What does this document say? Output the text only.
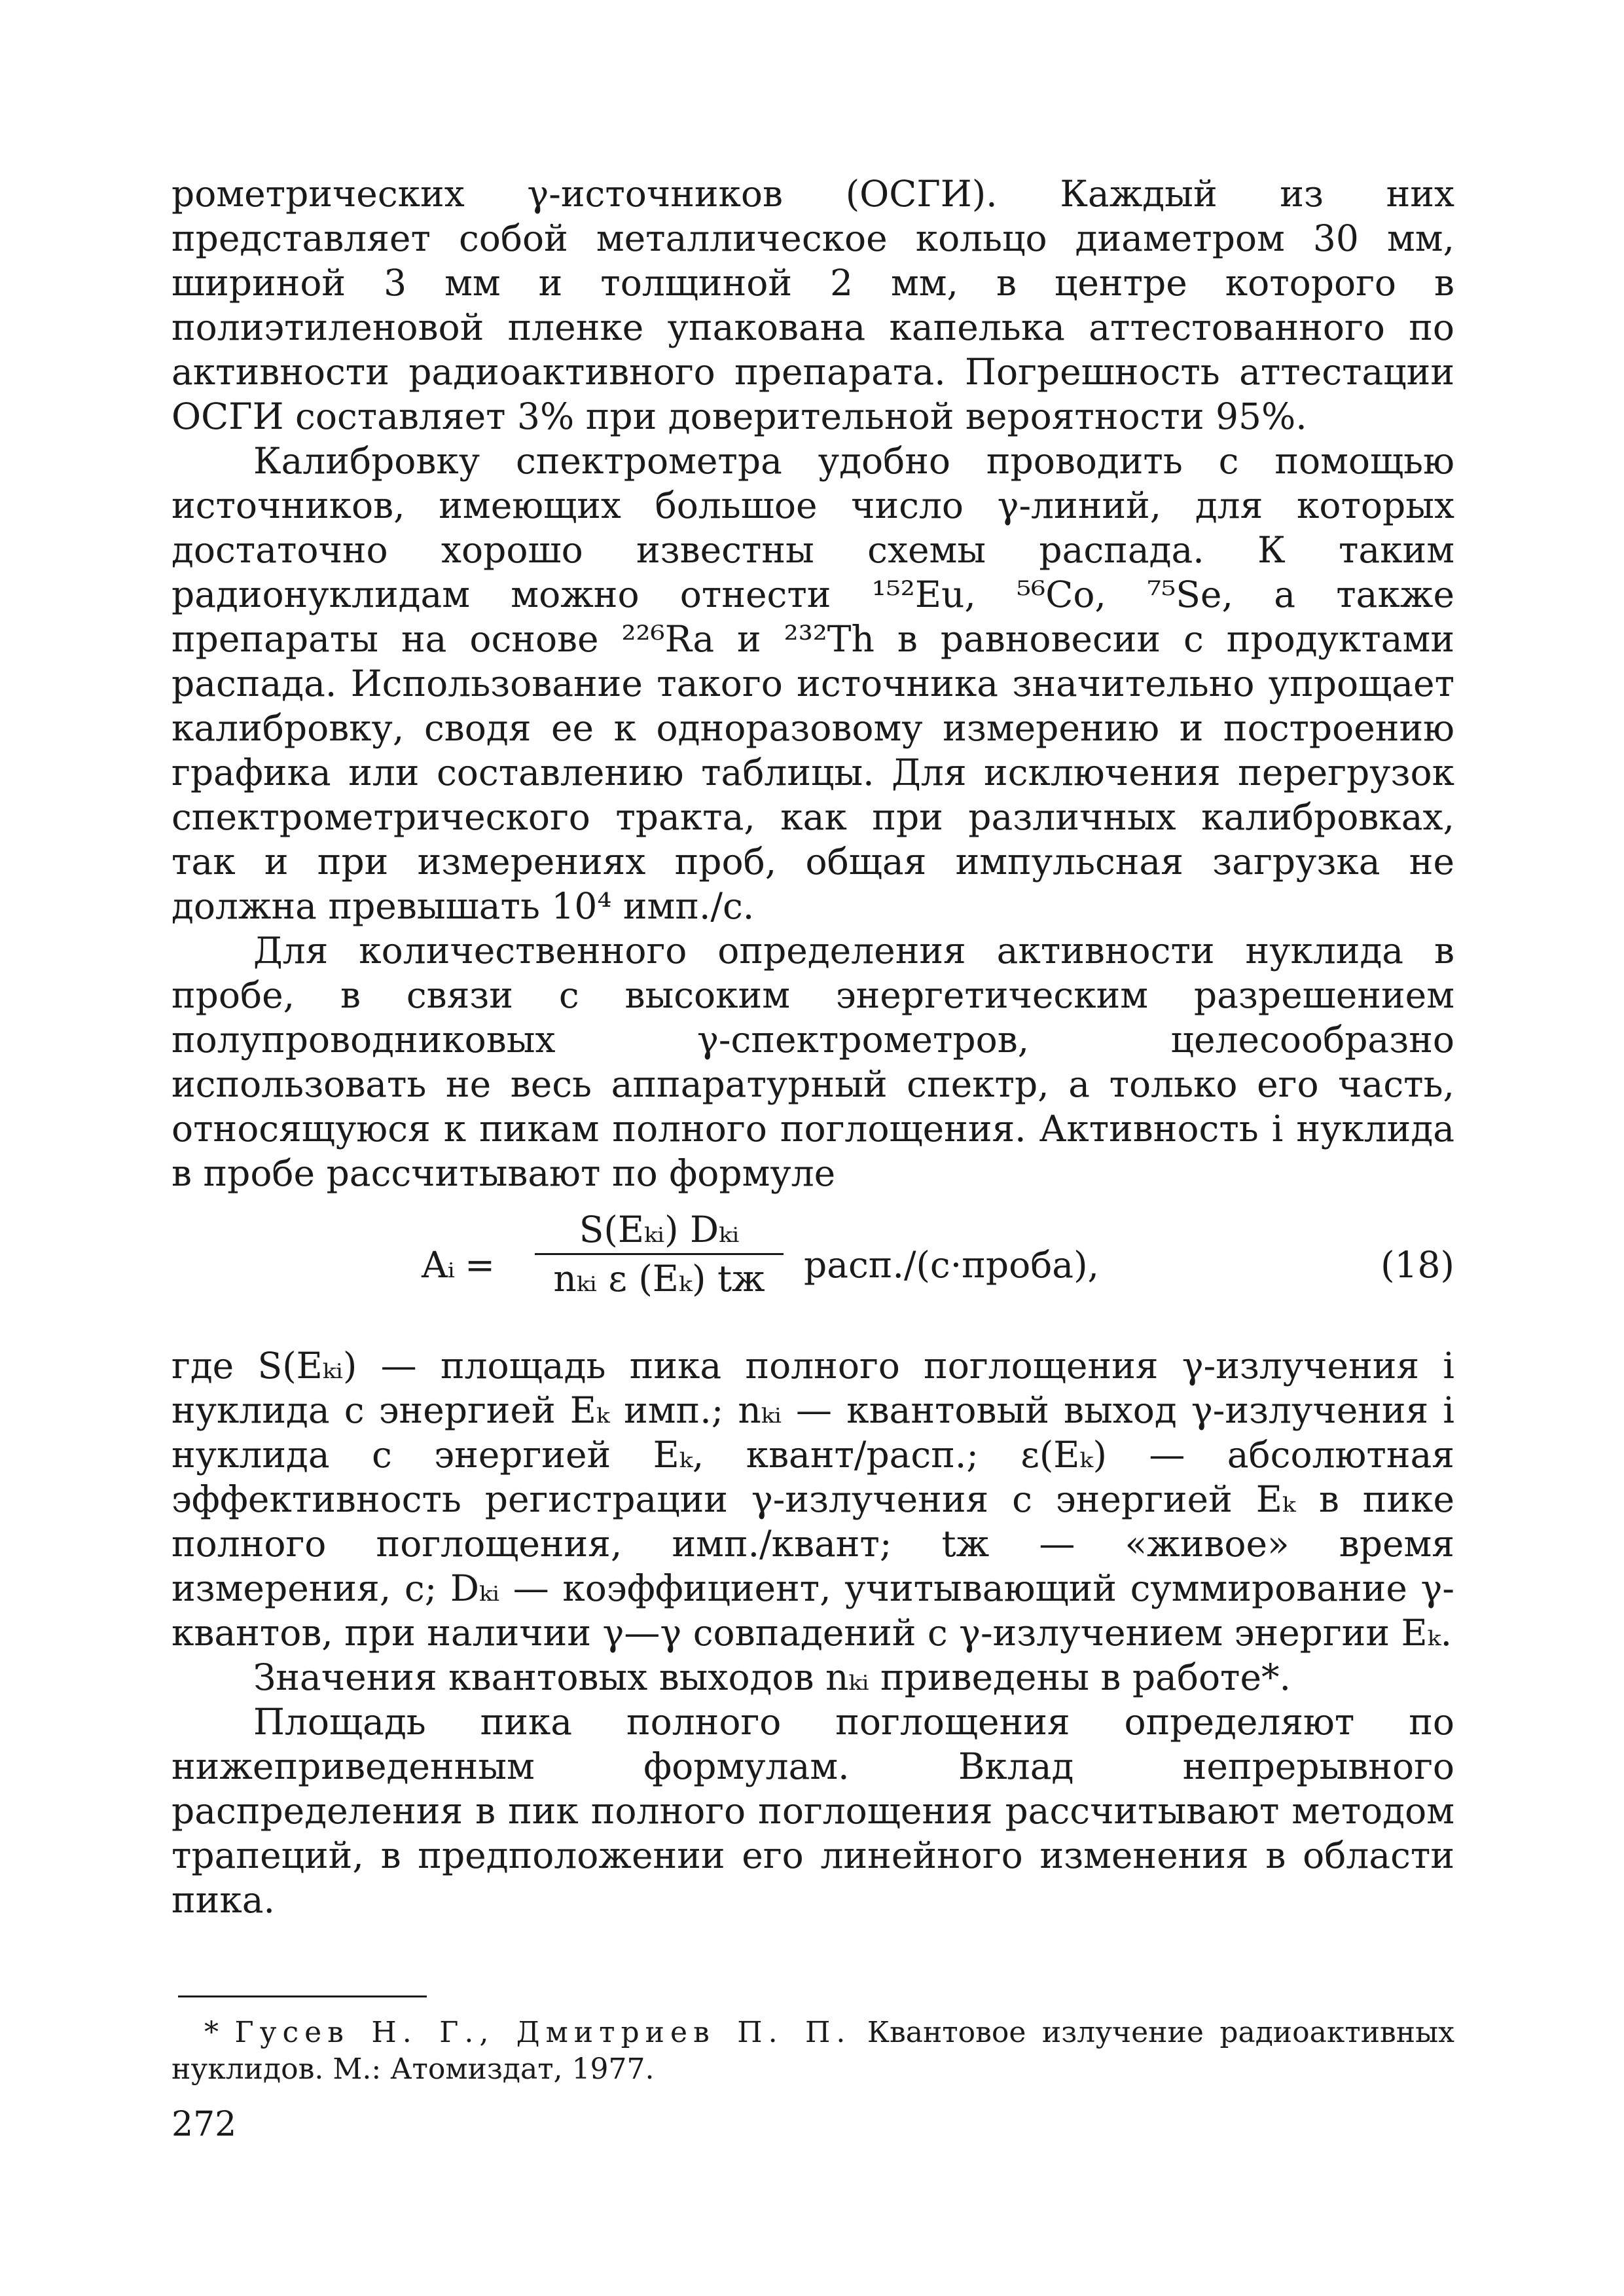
рометрических γ-источников (ОСГИ). Каждый из них представляет собой металлическое кольцо диаметром 30 мм, шириной 3 мм и толщиной 2 мм, в центре которого в полиэтиленовой пленке упакована капелька аттестованного по активности радиоактивного препарата. Погрешность аттестации ОСГИ составляет 3% при доверительной вероятности 95%.

Калибровку спектрометра удобно проводить с помощью источников, имеющих большое число γ-линий, для которых достаточно хорошо известны схемы распада. К таким радионуклидам можно отнести ¹⁵²Eu, ⁵⁶Co, ⁷⁵Se, а также препараты на основе ²²⁶Ra и ²³²Th в равновесии с продуктами распада. Использование такого источника значительно упрощает калибровку, сводя ее к одноразовому измерению и построению графика или составлению таблицы. Для исключения перегрузок спектрометрического тракта, как при различных калибровках, так и при измерениях проб, общая импульсная загрузка не должна превышать 10⁴ имп./с.

Для количественного определения активности нуклида в пробе, в связи с высоким энергетическим разрешением полупроводниковых γ-спектрометров, целесообразно использовать не весь аппаратурный спектр, а только его часть, относящуюся к пикам полного поглощения. Активность i нуклида в пробе рассчитывают по формуле

Aᵢ =
S(Eₖᵢ) Dₖᵢ
nₖᵢ ε (Eₖ) tж	расп./(с·проба),	(18)

где S(Eₖᵢ) — площадь пика полного поглощения γ-излучения i нуклида с энергией Eₖ имп.; nₖᵢ — квантовый выход γ-излучения i нуклида с энергией Eₖ, квант/расп.; ε(Eₖ) — абсолютная эффективность регистрации γ-излучения с энергией Eₖ в пике полного поглощения, имп./квант; tж — «живое» время измерения, с; Dₖᵢ — коэффициент, учитывающий суммирование γ-квантов, при наличии γ—γ совпадений с γ-излучением энергии Eₖ.

Значения квантовых выходов nₖᵢ приведены в работе*.

Площадь пика полного поглощения определяют по нижеприведенным формулам. Вклад непрерывного распределения в пик полного поглощения рассчитывают методом трапеций, в предположении его линейного изменения в области пика.

* Гусев Н. Г., Дмитриев П. П. Квантовое излучение радиоактивных нуклидов. М.: Атомиздат, 1977.

272
